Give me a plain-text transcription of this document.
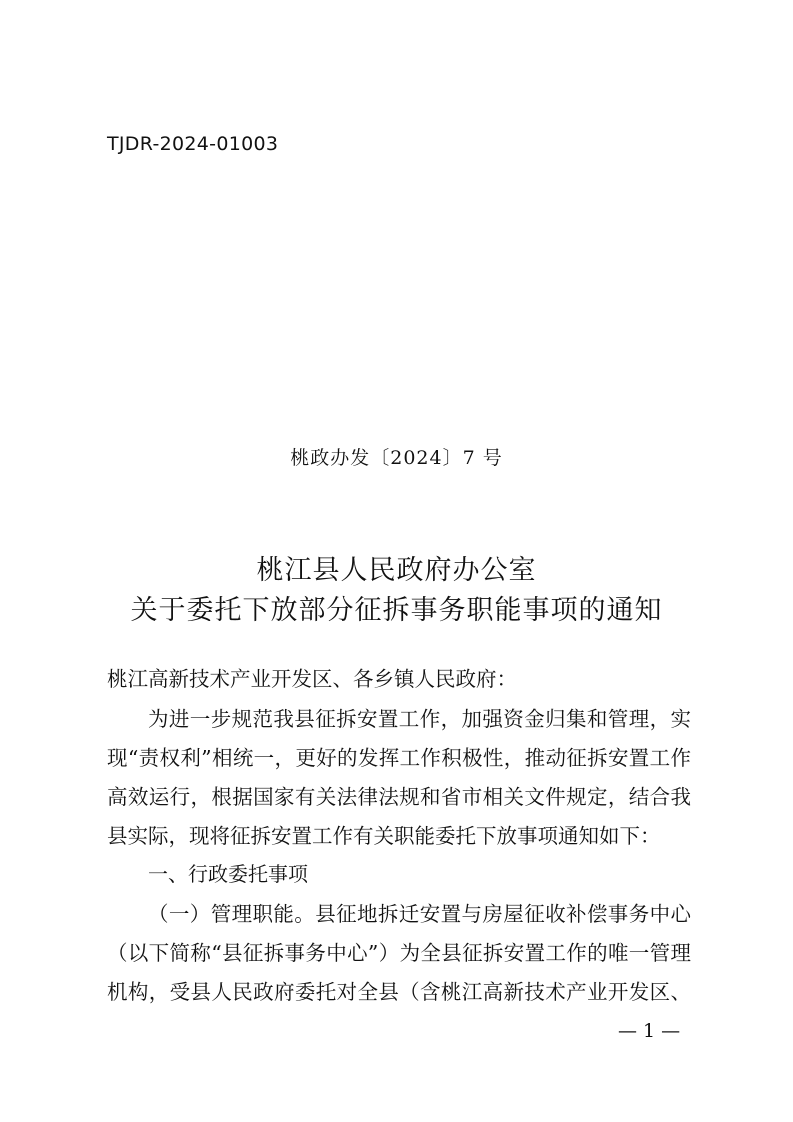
TJDR-2024-01003
桃政办发〔2024〕7 号
桃江县人民政府办公室
关于委托下放部分征拆事务职能事项的通知
桃江高新技术产业开发区、各乡镇人民政府：
为进一步规范我县征拆安置工作，加强资金归集和管理，实
现“责权利”相统一，更好的发挥工作积极性，推动征拆安置工作
高效运行，根据国家有关法律法规和省市相关文件规定，结合我
县实际，现将征拆安置工作有关职能委托下放事项通知如下：
一、行政委托事项
（一）管理职能。县征地拆迁安置与房屋征收补偿事务中心
（以下简称“县征拆事务中心”）为全县征拆安置工作的唯一管理
机构，受县人民政府委托对全县（含桃江高新技术产业开发区、
— 1 —
